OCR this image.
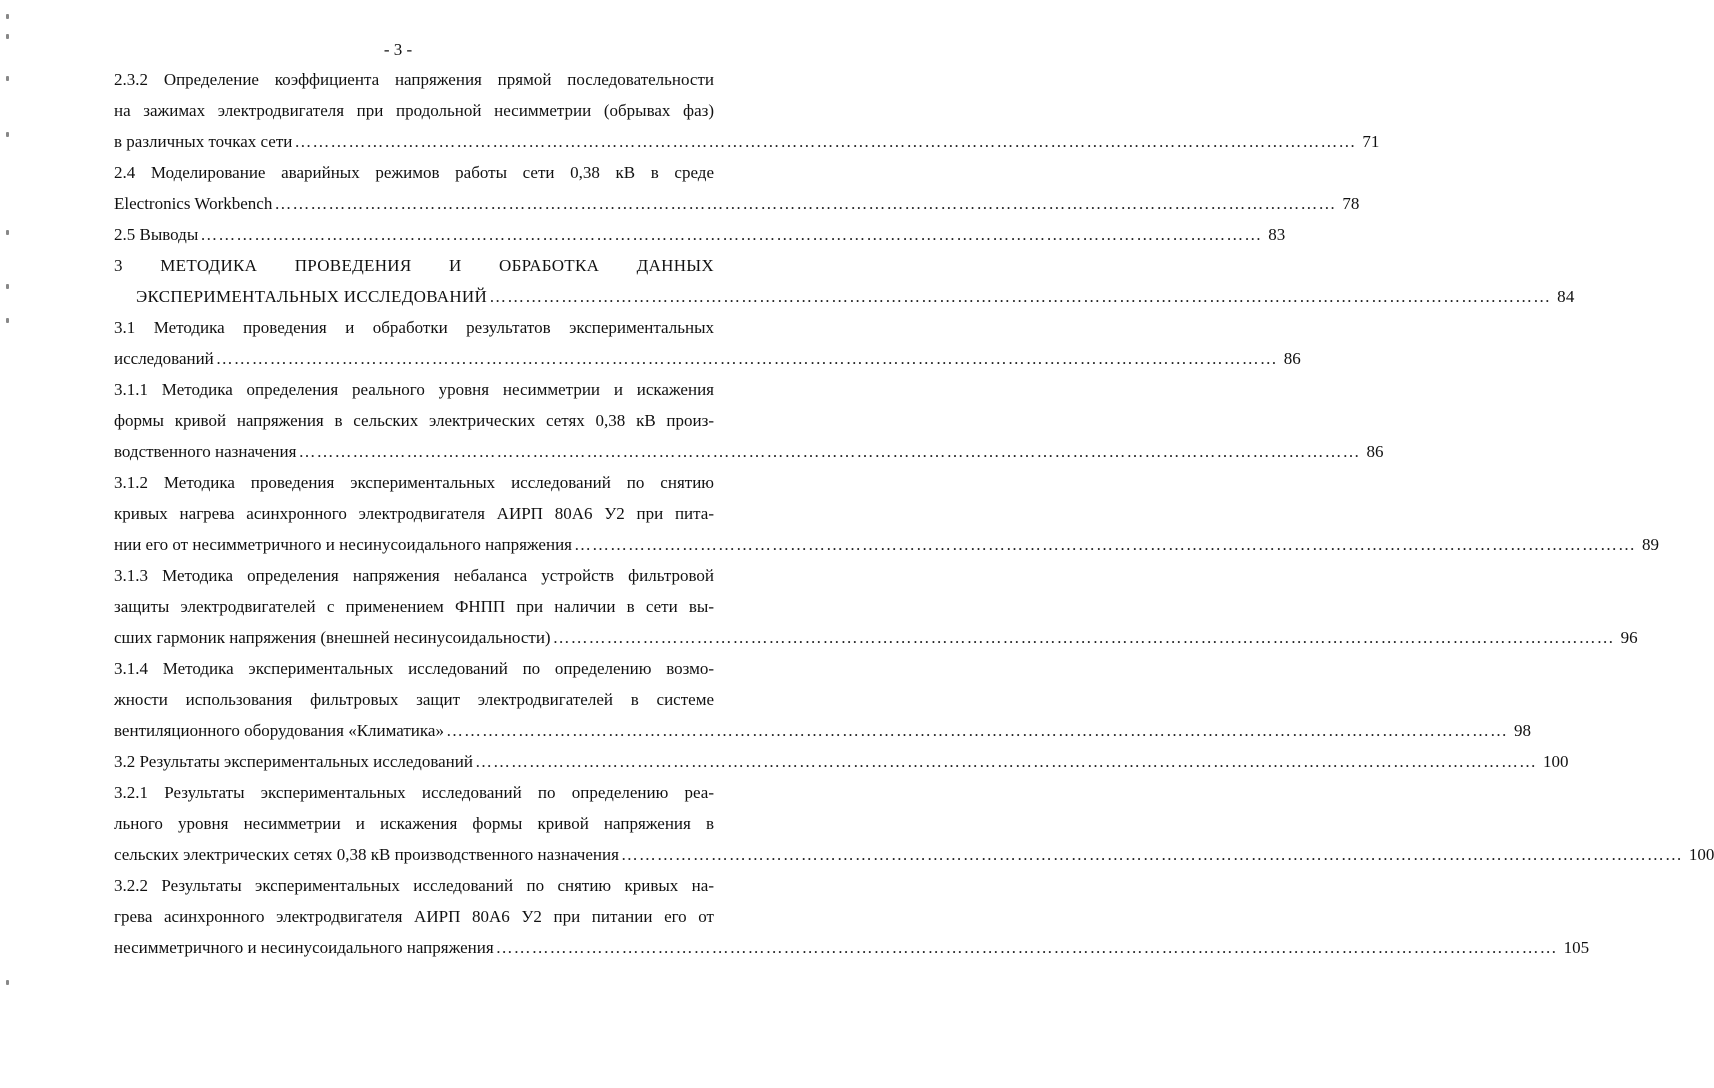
- 3 -
2.3.2 Определение коэффициента напряжения прямой последовательности
на зажимах электродвигателя при продольной несимметрии (обрывах фаз)
в различных точках сети …………………………………………………………………………………………………………………………………………………………… 71
2.4 Моделирование аварийных режимов работы сети 0,38 кВ в среде
Electronics Workbench …………………………………………………………………………………………………………………………………………………………… 78
2.5 Выводы …………………………………………………………………………………………………………………………………………………………… 83
3 МЕТОДИКА ПРОВЕДЕНИЯ И ОБРАБОТКА ДАННЫХ
ЭКСПЕРИМЕНТАЛЬНЫХ ИССЛЕДОВАНИЙ …………………………………………………………………………………………………………………………………………………………… 84
3.1 Методика проведения и обработки результатов экспериментальных
исследований …………………………………………………………………………………………………………………………………………………………… 86
3.1.1 Методика определения реального уровня несимметрии и искажения
формы кривой напряжения в сельских электрических сетях 0,38 кВ произ-
водственного назначения …………………………………………………………………………………………………………………………………………………………… 86
3.1.2 Методика проведения экспериментальных исследований по снятию
кривых нагрева асинхронного электродвигателя АИРП 80А6 У2 при пита-
нии его от несимметричного и несинусоидального напряжения …………………………………………………………………………………………………………………………………………………………… 89
3.1.3 Методика определения напряжения небаланса устройств фильтровой
защиты электродвигателей с применением ФНПП при наличии в сети вы-
сших гармоник напряжения (внешней несинусоидальности) …………………………………………………………………………………………………………………………………………………………… 96
3.1.4 Методика экспериментальных исследований по определению возмо-
жности использования фильтровых защит электродвигателей в системе
вентиляционного оборудования «Климатика» …………………………………………………………………………………………………………………………………………………………… 98
3.2 Результаты экспериментальных исследований …………………………………………………………………………………………………………………………………………………………… 100
3.2.1 Результаты экспериментальных исследований по определению реа-
льного уровня несимметрии и искажения формы кривой напряжения в
сельских электрических сетях 0,38 кВ производственного назначения …………………………………………………………………………………………………………………………………………………………… 100
3.2.2 Результаты экспериментальных исследований по снятию кривых на-
грева асинхронного электродвигателя АИРП 80А6 У2 при питании его от
несимметричного и несинусоидального напряжения …………………………………………………………………………………………………………………………………………………………… 105
